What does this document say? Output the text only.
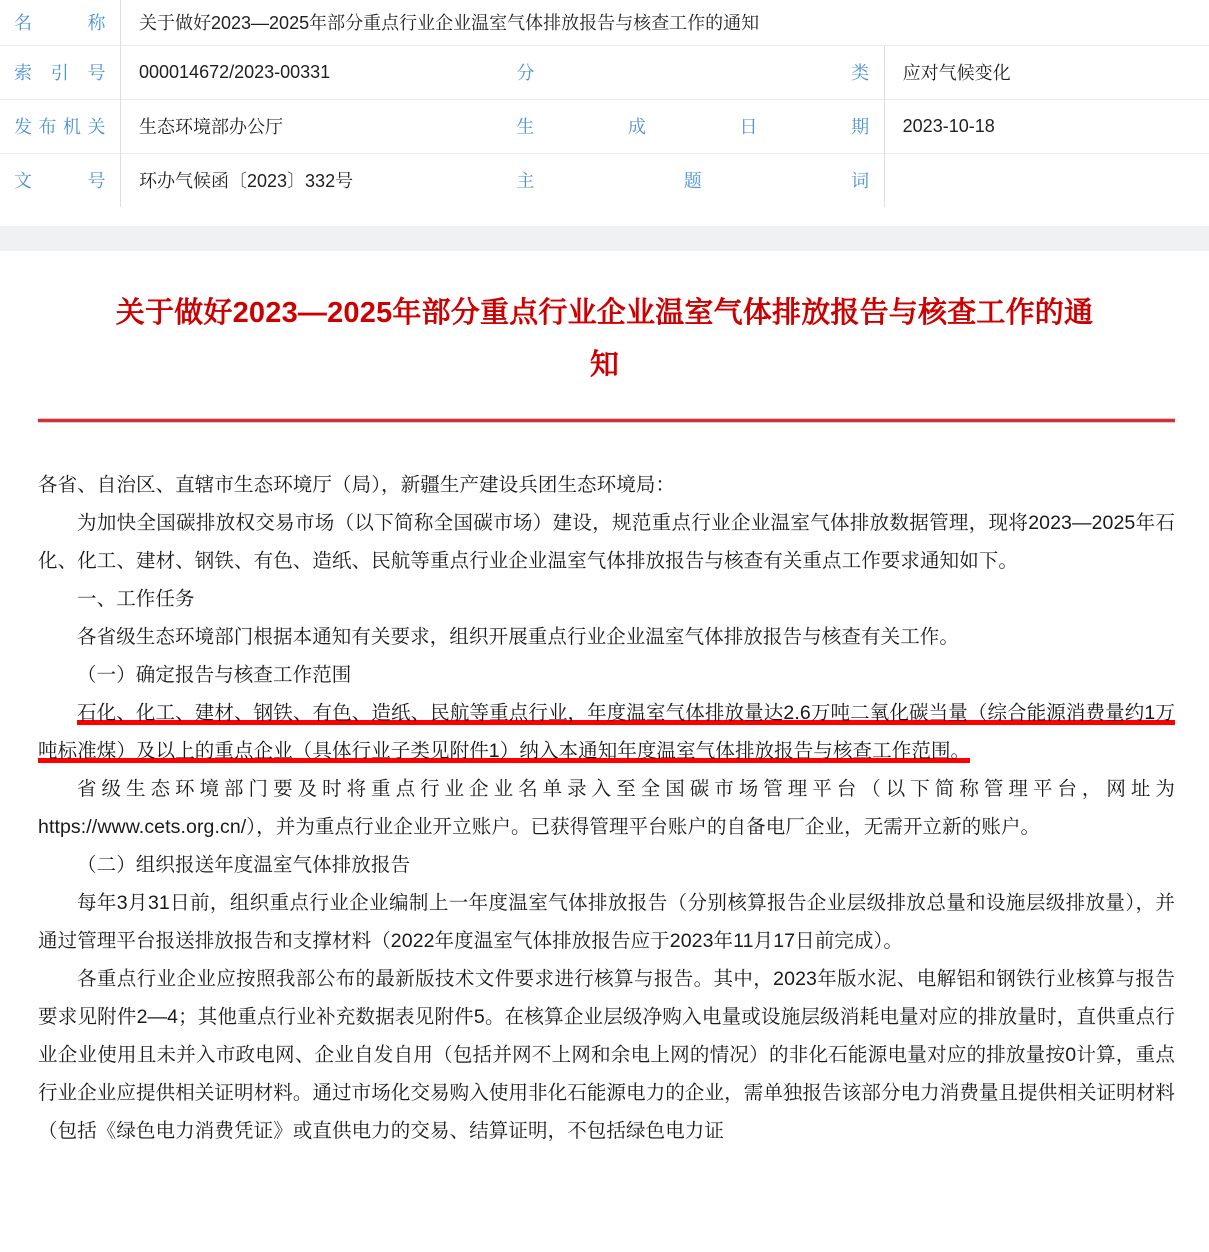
名 称	关于做好2023—2025年部分重点行业企业温室气体排放报告与核查工作的通知		
索 引 号	000014672/2023-00331	分 类	应对气候变化
发布机关	生态环境部办公厅	生成日期	2023-10-18
文 号	环办气候函〔2023〕332号	主 题 词	
关于做好2023—2025年部分重点行业企业温室气体排放报告与核查工作的通知

各省、自治区、直辖市生态环境厅（局），新疆生产建设兵团生态环境局：

为加快全国碳排放权交易市场（以下简称全国碳市场）建设，规范重点行业企业温室气体排放数据管理，现将2023—2025年石化、化工、建材、钢铁、有色、造纸、民航等重点行业企业温室气体排放报告与核查有关重点工作要求通知如下。

一、工作任务

各省级生态环境部门根据本通知有关要求，组织开展重点行业企业温室气体排放报告与核查有关工作。

（一）确定报告与核查工作范围

石化、化工、建材、钢铁、有色、造纸、民航等重点行业，年度温室气体排放量达2.6万吨二氧化碳当量（综合能源消费量约1万吨标准煤）及以上的重点企业（具体行业子类见附件1）纳入本通知年度温室气体排放报告与核查工作范围。

省级生态环境部门要及时将重点行业企业名单录入至全国碳市场管理平台（以下简称管理平台，网址为https://www.cets.org.cn/），并为重点行业企业开立账户。已获得管理平台账户的自备电厂企业，无需开立新的账户。

（二）组织报送年度温室气体排放报告

每年3月31日前，组织重点行业企业编制上一年度温室气体排放报告（分别核算报告企业层级排放总量和设施层级排放量），并通过管理平台报送排放报告和支撑材料（2022年度温室气体排放报告应于2023年11月17日前完成）。

各重点行业企业应按照我部公布的最新版技术文件要求进行核算与报告。其中，2023年版水泥、电解铝和钢铁行业核算与报告要求见附件2—4；其他重点行业补充数据表见附件5。在核算企业层级净购入电量或设施层级消耗电量对应的排放量时，直供重点行业企业使用且未并入市政电网、企业自发自用（包括并网不上网和余电上网的情况）的非化石能源电量对应的排放量按0计算，重点行业企业应提供相关证明材料。通过市场化交易购入使用非化石能源电力的企业，需单独报告该部分电力消费量且提供相关证明材料（包括《绿色电力消费凭证》或直供电力的交易、结算证明，不包括绿色电力证
